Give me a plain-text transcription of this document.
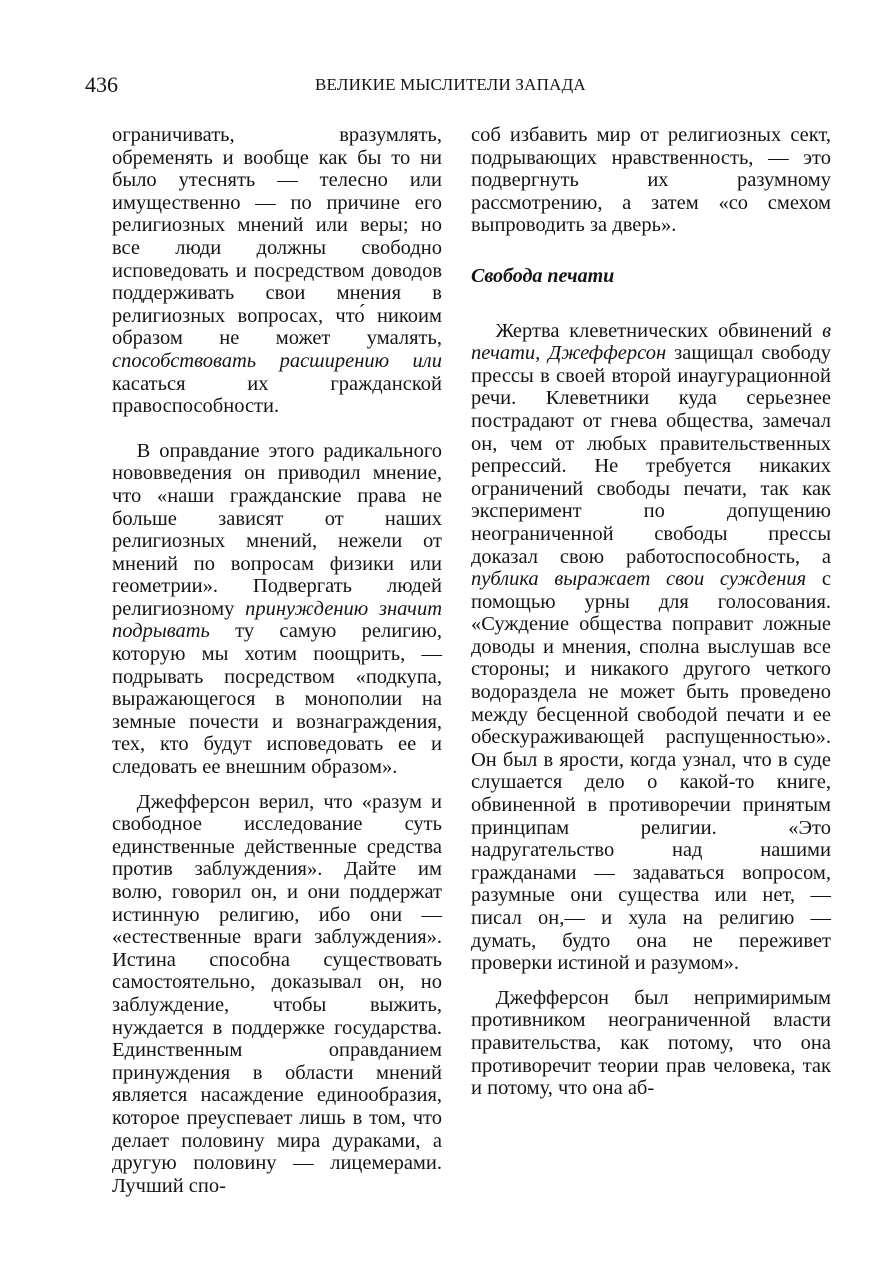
436	ВЕЛИКИЕ МЫСЛИТЕЛИ ЗАПАДА

ограничивать, вразумлять, обременять и вообще как бы то ни было утеснять — телесно или имущественно — по причине его религиозных мнений или веры; но все люди должны свободно исповедовать и посредством доводов поддерживать свои мнения в религиозных вопросах, что́ никоим образом не может умалять, способствовать расширению или касаться их гражданской правоспособности.

В оправдание этого радикального нововведения он приводил мнение, что «наши гражданские права не больше зависят от наших религиозных мнений, нежели от мнений по вопросам физики или геометрии». Подвергать людей религиозному принуждению значит подрывать ту самую религию, которую мы хотим поощрить, — подрывать посредством «подкупа, выражающегося в монополии на земные почести и вознаграждения, тех, кто будут исповедовать ее и следовать ее внешним образом».

Джефферсон верил, что «разум и свободное исследование суть единственные действенные средства против заблуждения». Дайте им волю, говорил он, и они поддержат истинную религию, ибо они — «естественные враги заблуждения». Истина способна существовать самостоятельно, доказывал он, но заблуждение, чтобы выжить, нуждается в поддержке государства. Единственным оправданием принуждения в области мнений является насаждение единообразия, которое преуспевает лишь в том, что делает половину мира дураками, а другую половину — лицемерами. Лучший спо-

соб избавить мир от религиозных сект, подрывающих нравственность, — это подвергнуть их разумному рассмотрению, а затем «со смехом выпроводить за дверь».

Свобода печати

Жертва клеветнических обвинений в печати, Джефферсон защищал свободу прессы в своей второй инаугурационной речи. Клеветники куда серьезнее пострадают от гнева общества, замечал он, чем от любых правительственных репрессий. Не требуется никаких ограничений свободы печати, так как эксперимент по допущению неограниченной свободы прессы доказал свою работоспособность, а публика выражает свои суждения с помощью урны для голосования. «Суждение общества поправит ложные доводы и мнения, сполна выслушав все стороны; и никакого другого четкого водораздела не может быть проведено между бесценной свободой печати и ее обескураживающей распущенностью». Он был в ярости, когда узнал, что в суде слушается дело о какой-то книге, обвиненной в противоречии принятым принципам религии. «Это надругательство над нашими гражданами — задаваться вопросом, разумные они существа или нет, — писал он,— и хула на религию — думать, будто она не переживет проверки истиной и разумом».

Джефферсон был непримиримым противником неограниченной власти правительства, как потому, что она противоречит теории прав человека, так и потому, что она аб-
